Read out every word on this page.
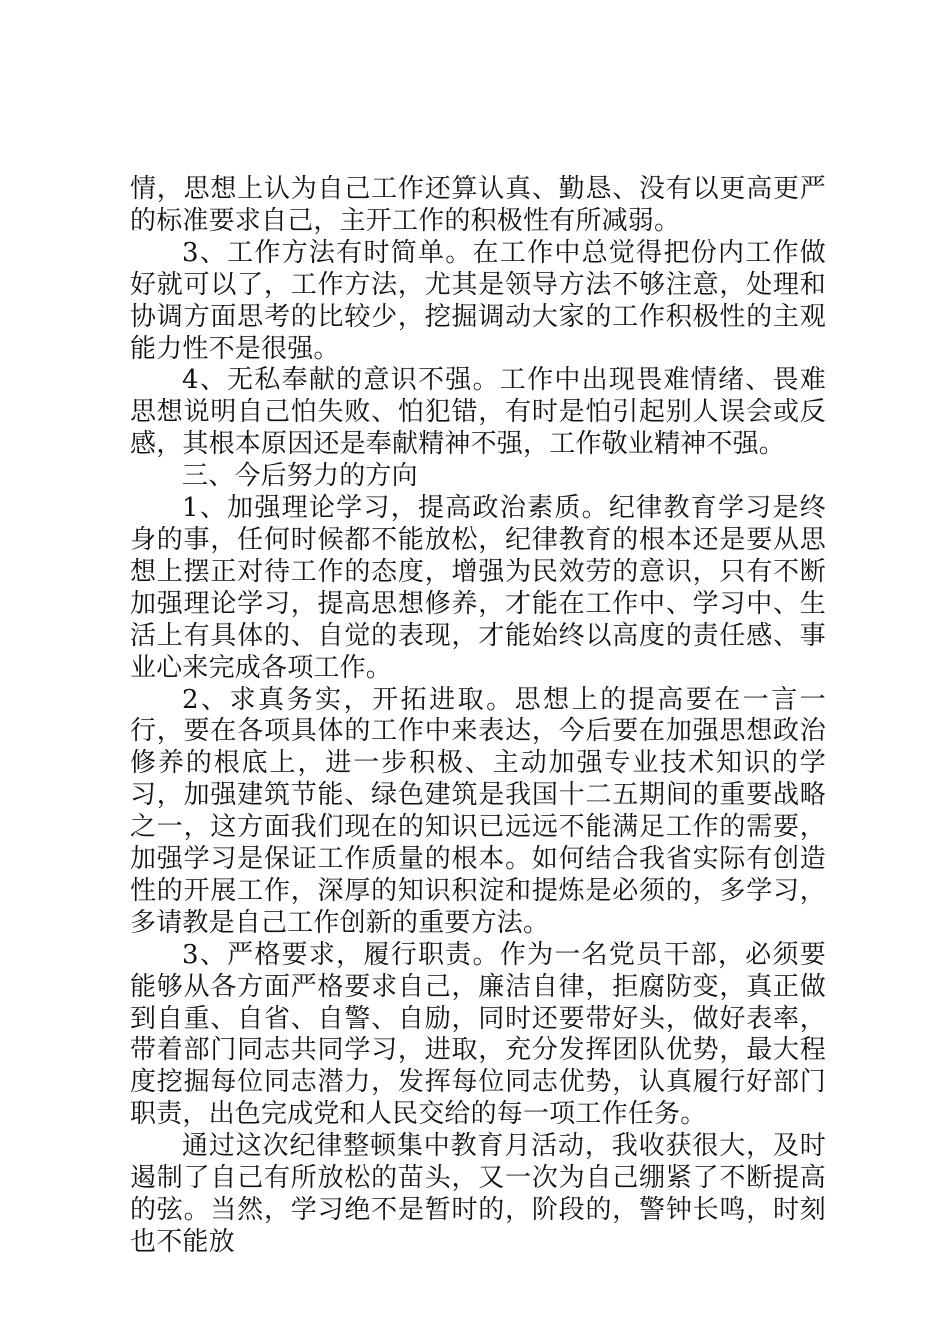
情，思想上认为自己工作还算认真、勤恳、没有以更高更严的标准要求自己，主开工作的积极性有所减弱。

3、工作方法有时简单。在工作中总觉得把份内工作做好就可以了，工作方法，尤其是领导方法不够注意，处理和协调方面思考的比较少，挖掘调动大家的工作积极性的主观能力性不是很强。

4、无私奉献的意识不强。工作中出现畏难情绪、畏难思想说明自己怕失败、怕犯错，有时是怕引起别人误会或反感，其根本原因还是奉献精神不强，工作敬业精神不强。

三、今后努力的方向

1、加强理论学习，提高政治素质。纪律教育学习是终身的事，任何时候都不能放松，纪律教育的根本还是要从思想上摆正对待工作的态度，增强为民效劳的意识，只有不断加强理论学习，提高思想修养，才能在工作中、学习中、生活上有具体的、自觉的表现，才能始终以高度的责任感、事业心来完成各项工作。

2、求真务实，开拓进取。思想上的提高要在一言一行，要在各项具体的工作中来表达，今后要在加强思想政治修养的根底上，进一步积极、主动加强专业技术知识的学习，加强建筑节能、绿色建筑是我国十二五期间的重要战略之一，这方面我们现在的知识已远远不能满足工作的需要，加强学习是保证工作质量的根本。如何结合我省实际有创造性的开展工作，深厚的知识积淀和提炼是必须的，多学习，多请教是自己工作创新的重要方法。

3、严格要求，履行职责。作为一名党员干部，必须要能够从各方面严格要求自己，廉洁自律，拒腐防变，真正做到自重、自省、自警、自励，同时还要带好头，做好表率，带着部门同志共同学习，进取，充分发挥团队优势，最大程度挖掘每位同志潜力，发挥每位同志优势，认真履行好部门职责，出色完成党和人民交给的每一项工作任务。

通过这次纪律整顿集中教育月活动，我收获很大，及时遏制了自己有所放松的苗头，又一次为自己绷紧了不断提高的弦。当然，学习绝不是暂时的，阶段的，警钟长鸣，时刻也不能放
